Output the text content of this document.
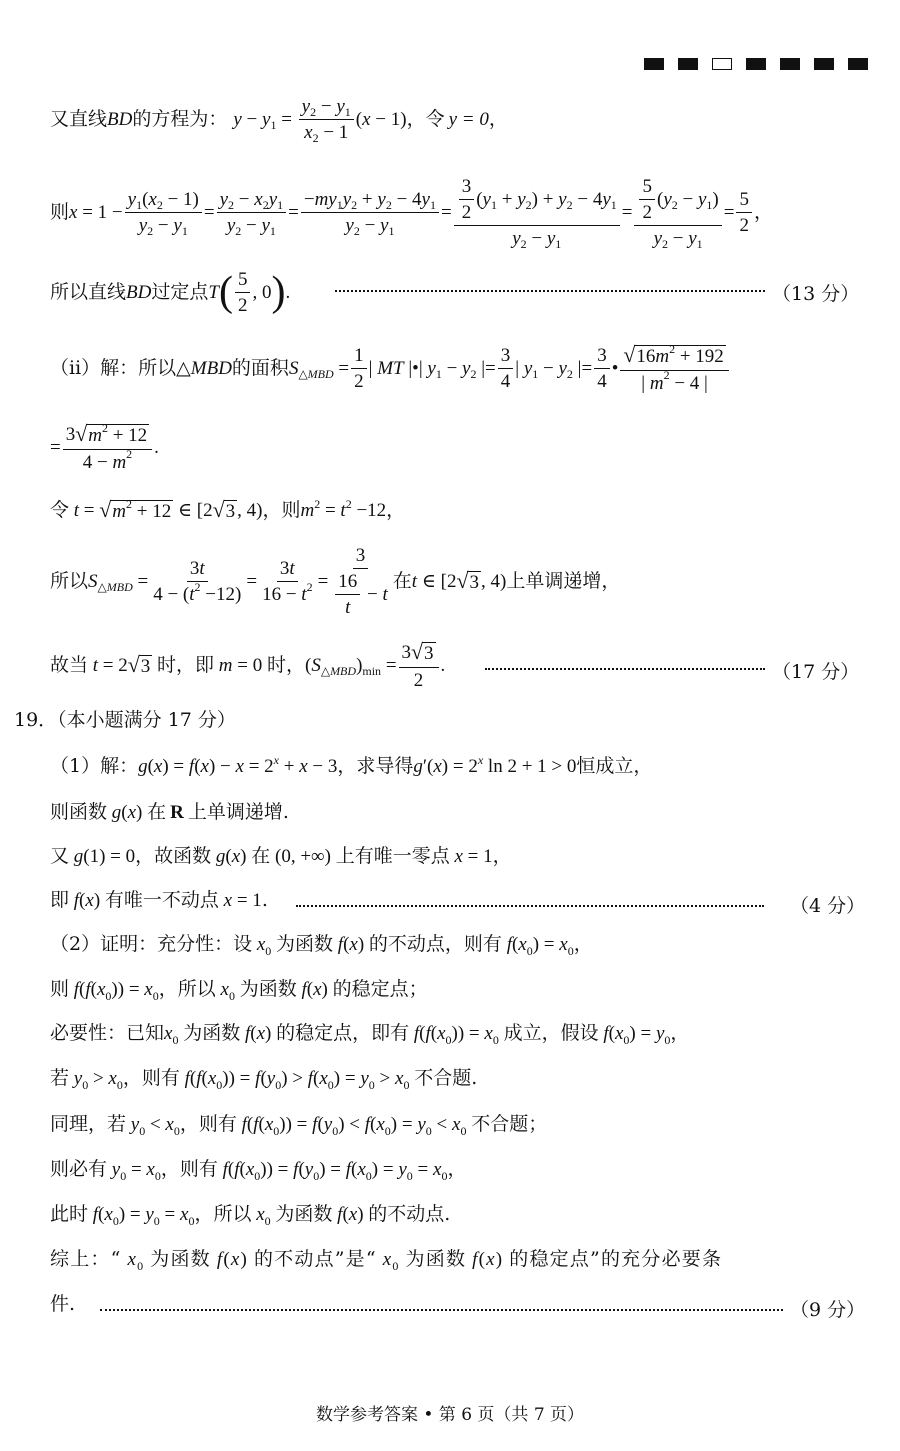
又直线 BD 的方程为： y − y $1 = \frac{y 2 - y 1}{x 2 - 1}$ ( x − 1) ，令 y = 0 ，
则 $x = 1 - \frac{y 1 ( x 2 - 1)}{y 2 - y 1} = \frac{y 2 - x 2 y 1}{y 2 - y 1} = \frac{- my 1 y 2 + y 2 - 4 y 1}{y 2 - y 1} = \frac{\frac{3}{2} ( y 1 + y 2 ) + y 2 - 4 y 1}{y 2 - y 1} = \frac{\frac{5}{2} ( y 2 - y 1 )}{y 2 - y 1} = \frac{5}{2}$ ，
所以直线 BD 过定点 T ( $\frac{5}{2}$ , 0 ) .	（13 分）
（ⅱ）解：所以△ MBD 的面积 S △MBD = $\frac{1}{2}$ | MT |•| y 1 − y 2 |= $\frac{3}{4}$ | y 1 − y 2 |= $\frac{3}{4}$ • $\frac{√ 16 m 2 + 192}{| m 2 - 4 |}$
= $\frac{3 √ m 2 + 12}{4 - m 2}$ .
令
t = √ m 2 + 12 ∈ [2 √ 3 , 4) ，则 $m^2 = t^2 -12$ ，
所以 S △MBD = $\frac{3 t}{4 - ( t 2 -12)} = \frac{3 t}{16 - t 2} = \frac{3}{\frac{16}{t} - t}$ 在 t ∈ [2 √ 3 , 4) 上单调递增，
故当
t = 2 √ 3
时，即 m = 0 时， ( S △MBD ) $\min = \frac{3 √ 3}{2}$ .	（17 分）
19．（本小题满分 17 分）
（1）解： $g(x) = f(x) - x = 2^x + x - 3$ ，求导得 $g'(x) = 2^x$ ln 2 + 1 > 0 恒成立，
则函数 g(x) 在 R 上单调递增.
又 g(1) = 0 ，故函数 g(x) 在 (0, +∞) 上有唯一零点 x = 1 ，
即 f(x) 有唯一不动点 x = 1 .	（4 分）
（2）证明：充分性：设 $x_0$ 为函数 f(x) 的不动点，则有 $f(x_0) = x_0$ ，
则 $f(f(x_0)) = x_0$ ，所以 $x_0$ 为函数 f(x) 的稳定点；
必要性：已知 $x_0$ 为函数 f(x) 的稳定点，即有 $f(f(x_0)) = x_0$ 成立，假设 $f(x_0) = y_0$ ，
若 $y_0 > x_0$ ，则有 $f(f(x_0)) = f(y_0) > f(x_0) = y_0 > x_0$ 不合题.
同理，若 $y_0 < x_0$ ，则有 $f(f(x_0)) = f(y_0) < f(x_0) = y_0 < x_0$ 不合题；
则必有 $y_0 = x_0$ ，则有 $f(f(x_0)) = f(y_0) = f(x_0) = y_0 = x_0$ ，
此时 $f(x_0) = y_0 = x_0$ ，所以 $x_0$ 为函数 f(x) 的不动点.
综上：“ $x_0$ 为函数 f(x) 的不动点”是“ $x_0$ 为函数 f(x) 的稳定点”的充分必要条
件.	（9 分）
数学参考答案 • 第 6 页（共 7 页）
